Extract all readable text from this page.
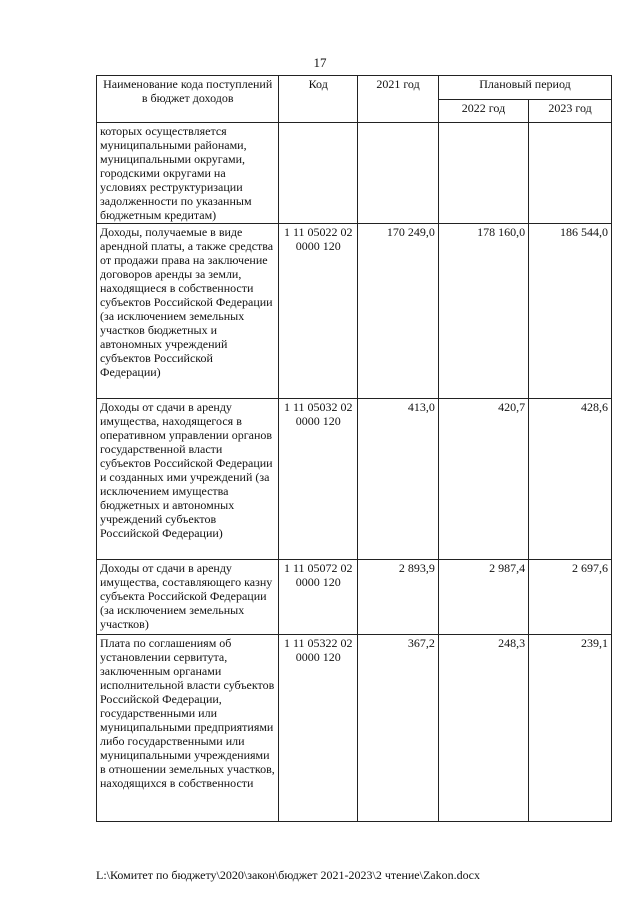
17
Наименование кода поступлений в бюджет доходов	Код	2021 год	Плановый период	
			2022 год	2023 год
которых осуществляется муниципальными районами, муниципальными округами, городскими округами на условиях реструктуризации задолженности по указанным бюджетным кредитам)				
Доходы, получаемые в виде арендной платы, а также средства от продажи права на заключение договоров аренды за земли, находящиеся в собственности субъектов Российской Федерации (за исключением земельных участков бюджетных и автономных учреждений субъектов Российской Федерации)	1 11 05022 02 0000 120	170 249,0	178 160,0	186 544,0
Доходы от сдачи в аренду имущества, находящегося в оперативном управлении органов государственной власти субъектов Российской Федерации и созданных ими учреждений (за исключением имущества бюджетных и автономных учреждений субъектов Российской Федерации)	1 11 05032 02 0000 120	413,0	420,7	428,6
Доходы от сдачи в аренду имущества, составляющего казну субъекта Российской Федерации (за исключением земельных участков)	1 11 05072 02 0000 120	2 893,9	2 987,4	2 697,6
Плата по соглашениям об установлении сервитута, заключенным органами исполнительной власти субъектов Российской Федерации, государственными или муниципальными предприятиями либо государственными или муниципальными учреждениями в отношении земельных участков, находящихся в собственности	1 11 05322 02 0000 120	367,2	248,3	239,1
L:\Комитет по бюджету\2020\закон\бюджет 2021-2023\2 чтение\Zakon.docx
